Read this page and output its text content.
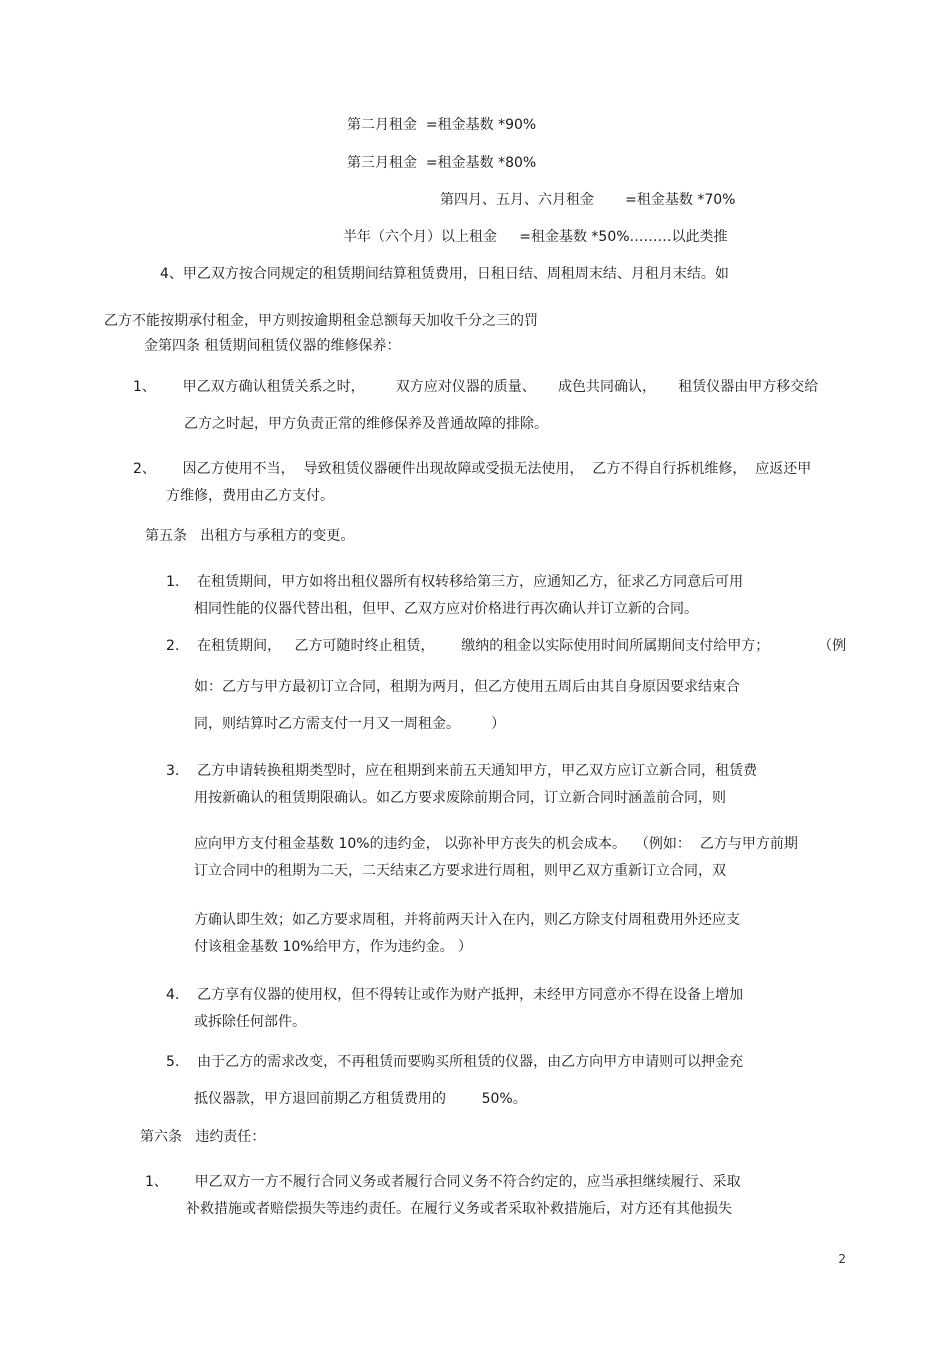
第二月租金  =租金基数 *90%
第三月租金  =租金基数 *80%
第四月、五月、六月租金       =租金基数 *70%
半年（六个月）以上租金     =租金基数 *50%………以此类推
4、甲乙双方按合同规定的租赁期间结算租赁费用，日租日结、周租周末结、月租月末结。如
乙方不能按期承付租金，甲方则按逾期租金总额每天加收千分之三的罚
金第四条 租赁期间租赁仪器的维修保养：
1、      甲乙双方确认租赁关系之时，       双方应对仪器的质量、     成色共同确认，     租赁仪器由甲方移交给
乙方之时起，甲方负责正常的维修保养及普通故障的排除。
2、      因乙方使用不当，  导致租赁仪器硬件出现故障或受损无法使用，  乙方不得自行拆机维修，  应返还甲
方维修，费用由乙方支付。
第五条   出租方与承租方的变更。
1.    在租赁期间，甲方如将出租仪器所有权转移给第三方，应通知乙方，征求乙方同意后可用
相同性能的仪器代替出租，但甲、乙双方应对价格进行再次确认并订立新的合同。
2.    在租赁期间，   乙方可随时终止租赁，      缴纳的租金以实际使用时间所属期间支付给甲方；           （例
如：乙方与甲方最初订立合同，租期为两月，但乙方使用五周后由其自身原因要求结束合
同，则结算时乙方需支付一月又一周租金。       ）
3.    乙方申请转换租期类型时，应在租期到来前五天通知甲方，甲乙双方应订立新合同，租赁费
用按新确认的租赁期限确认。如乙方要求废除前期合同，订立新合同时涵盖前合同，则
应向甲方支付租金基数 10%的违约金， 以弥补甲方丧失的机会成本。  （例如：  乙方与甲方前期
订立合同中的租期为二天，二天结束乙方要求进行周租，则甲乙双方重新订立合同，双
方确认即生效；如乙方要求周租，并将前两天计入在内，则乙方除支付周租费用外还应支
付该租金基数 10%给甲方，作为违约金。 ）
4.    乙方享有仪器的使用权，但不得转让或作为财产抵押，未经甲方同意亦不得在设备上增加
或拆除任何部件。
5.    由于乙方的需求改变，不再租赁而要购买所租赁的仪器，由乙方向甲方申请则可以押金充
抵仪器款，甲方退回前期乙方租赁费用的        50%。
第六条   违约责任：
1、      甲乙双方一方不履行合同义务或者履行合同义务不符合约定的，应当承担继续履行、采取
补救措施或者赔偿损失等违约责任。在履行义务或者采取补救措施后，对方还有其他损失
2
